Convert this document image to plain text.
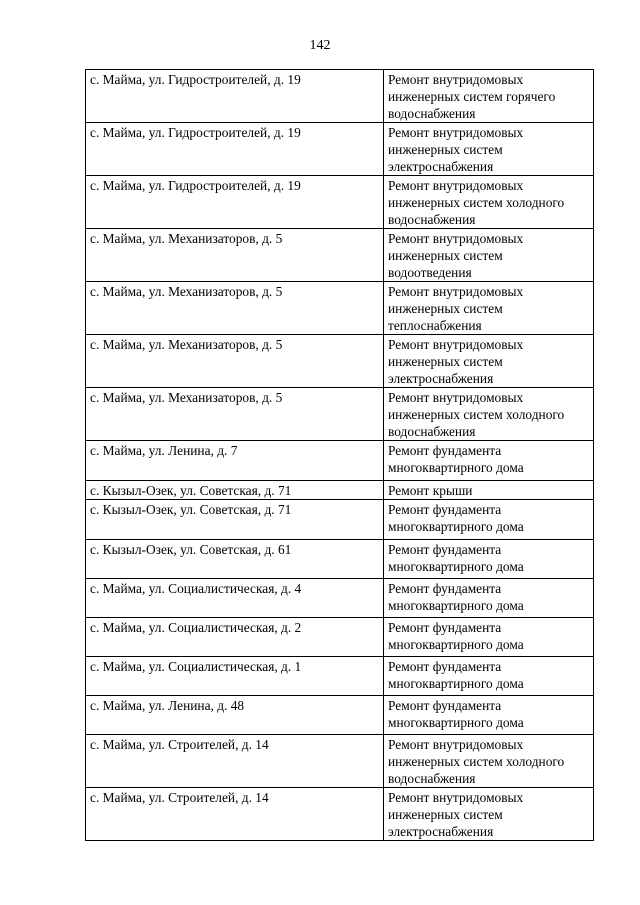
142
с. Майма, ул. Гидростроителей, д. 19	Ремонт внутридомовых инженерных систем горячего водоснабжения
с. Майма, ул. Гидростроителей, д. 19	Ремонт внутридомовых инженерных систем электроснабжения
с. Майма, ул. Гидростроителей, д. 19	Ремонт внутридомовых инженерных систем холодного водоснабжения
с. Майма, ул. Механизаторов, д. 5	Ремонт внутридомовых инженерных систем водоотведения
с. Майма, ул. Механизаторов, д. 5	Ремонт внутридомовых инженерных систем теплоснабжения
с. Майма, ул. Механизаторов, д. 5	Ремонт внутридомовых инженерных систем электроснабжения
с. Майма, ул. Механизаторов, д. 5	Ремонт внутридомовых инженерных систем холодного водоснабжения
с. Майма, ул. Ленина, д. 7	Ремонт фундамента многоквартирного дома
с. Кызыл-Озек, ул. Советская, д. 71	Ремонт крыши
с. Кызыл-Озек, ул. Советская, д. 71	Ремонт фундамента многоквартирного дома
с. Кызыл-Озек, ул. Советская, д. 61	Ремонт фундамента многоквартирного дома
с. Майма, ул. Социалистическая, д. 4	Ремонт фундамента многоквартирного дома
с. Майма, ул. Социалистическая, д. 2	Ремонт фундамента многоквартирного дома
с. Майма, ул. Социалистическая, д. 1	Ремонт фундамента многоквартирного дома
с. Майма, ул. Ленина, д. 48	Ремонт фундамента многоквартирного дома
с. Майма, ул. Строителей, д. 14	Ремонт внутридомовых инженерных систем холодного водоснабжения
с. Майма, ул. Строителей, д. 14	Ремонт внутридомовых инженерных систем электроснабжения
